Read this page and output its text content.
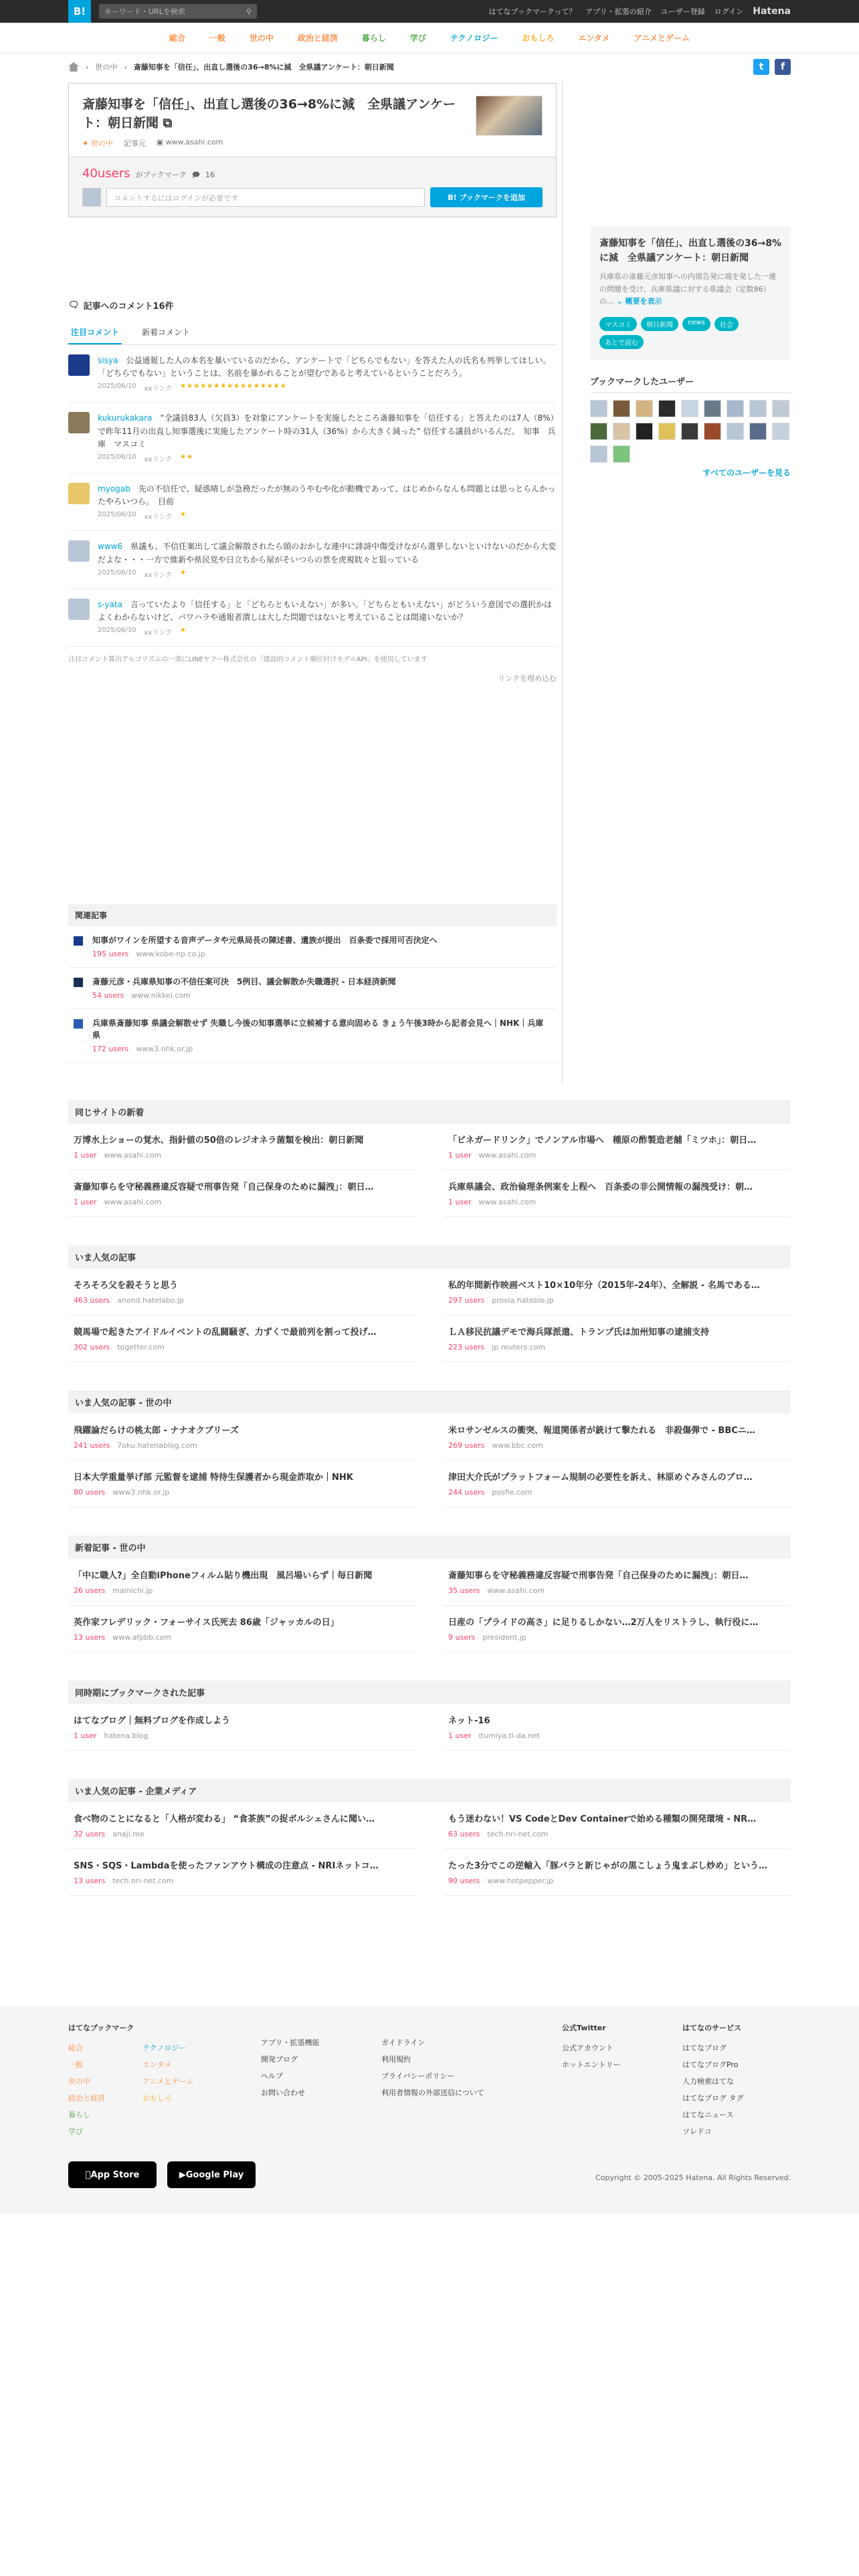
B!	キーワード・URLを検索	⚲	はてなブックマークって？ アプリ・拡張の紹介 ユーザー登録 ログイン Hatena
総合	一般	世の中	政治と経済	暮らし	学び	テクノロジー	おもしろ	エンタメ	アニメとゲーム
› 世の中 › 斎藤知事を「信任」、出直し選後の36→8%に減　全県議アンケート：朝日新聞	t	f
斎藤知事を「信任」、出直し選後の36→8%に減　全県議アンケート：朝日新聞 ⧉
⚫ 世の中 記事元 ▣ www.asahi.com
40users がブックマーク 🗩 16
コメントするにはログインが必要です	B! ブックマークを追加
🗨 記事へのコメント16件
注目コメント	新着コメント
sisya　 公益通報した人の本名を暴いているのだから、アンケートで「どちらでもない」を答えた人の氏名も列挙してほしい。「どちらでもない」ということは、名前を暴かれることが望むであると考えているということだろう。
2025/06/10 xxリンク ★★★★★★★★★★★★★★★★
kukurukakara　 “全議員83人（欠員3）を対象にアンケートを実施したところ斎藤知事を「信任する」と答えたのは7人（8%）で昨年11月の出直し知事選後に実施したアンケート時の31人（36%）から大きく減った” 信任する議員がいるんだ。　知事　兵庫　マスコミ
2025/06/10 xxリンク ★★
myogab　 先の不信任で、疑惑晴しが急務だったが無のうやむや化が動機であって、はじめからなんも問題とは思っとらんかったやろいつら。　目前
2025/06/10 xxリンク ★
www6　 県議も、不信任案出して議会解散されたら頭のおかしな連中に誹謗中傷受けながら選挙しないといけないのだから大変だよな・・・一方で維新や県民党や日立ちから屋がそいつらの票を虎視眈々と狙っている
2025/06/10 xxリンク ★
s-yata　 言っていたより「信任する」と「どちらともいえない」が多い。「どちらともいえない」がどういう意図での選択かはよくわからないけど、パワハラや通報者潰しは大した問題ではないと考えていることは間違いないか？
2025/06/10 xxリンク ★
注目コメント算出アルゴリズムの一部にLINEヤフー株式会社の「建設的コメント順位付けモデルAPI」を使用しています
リンクを埋め込む
関連記事
知事がワインを所望する音声データや元県局長の陳述書、遺族が提出　百条委で採用可否決定へ
195 users　 www.kobe-np.co.jp
斎藤元彦・兵庫県知事の不信任案可決　5例目、議会解散か失職選択 - 日本経済新聞
54 users　 www.nikkei.com
兵庫県斎藤知事 県議会解散せず 失職し今後の知事選挙に立候補する意向固める きょう午後3時から記者会見へ｜NHK｜兵庫県
172 users　 www3.nhk.or.jp
斎藤知事を「信任」、出直し選後の36→8%に減　全県議アンケート：朝日新聞
兵庫県の斎藤元彦知事への内部告発に端を発した一連の問題を受け、兵庫県議に対する県議会（定数86）の… ⌄ 概要を表示
マスコミ	朝日新聞	news	社会
あとで読む
ブックマークしたユーザー
すべてのユーザーを見る
同じサイトの新着
万博水上ショーの覚水、指針値の50倍のレジオネラ菌類を検出：朝日新聞
1 user　 www.asahi.com
「ビネガードリンク」でノンアル市場へ　種原の酢製造老舗「ミツホ」：朝日…
1 user　 www.asahi.com
斎藤知事らを守秘義務違反容疑で刑事告発「自己保身のために漏洩」：朝日…
1 user　 www.asahi.com
兵庫県議会、政治倫理条例案を上程へ　百条委の非公開情報の漏洩受け：朝…
1 user　 www.asahi.com
いま人気の記事
そろそろ父を殺そうと思う
463 users　 anond.hatelabo.jp
私的年間新作映画ベスト10×10年分（2015年-24年）、全解説 - 名馬である…
297 users　 proxia.hateblo.jp
競馬場で起きたアイドルイベントの乱闘騒ぎ、力ずくで最前列を割って投げ…
302 users　 togetter.com
ＬＡ移民抗議デモで海兵隊派遣、トランプ氏は加州知事の逮捕支持
223 users　 jp.reuters.com
いま人気の記事 - 世の中
飛躍論だらけの桃太郎 - ナナオクブリーズ
241 users　 7oku.hatenablog.com
米ロサンゼルスの衝突、報道関係者が銃けて撃たれる　非殺傷弾で - BBCニ…
269 users　 www.bbc.com
日本大学重量挙げ部 元監督を逮捕 特待生保護者から現金詐取か｜NHK
80 users　 www3.nhk.or.jp
津田大介氏がプラットフォーム規制の必要性を訴え、林原めぐみさんのブロ…
244 users　 posfie.com
新着記事 - 世の中
「中に職人?」全自動iPhoneフィルム貼り機出現　風呂場いらず｜毎日新聞
26 users　 mainichi.jp
斎藤知事らを守秘義務違反容疑で刑事告発「自己保身のために漏洩」：朝日…
35 users　 www.asahi.com
英作家フレデリック・フォーサイス氏死去 86歳「ジャッカルの日」
13 users　 www.afpbb.com
日産の「プライドの高さ」に足りるしかない…2万人をリストラし、執行役に…
9 users　 president.jp
同時期にブックマークされた記事
はてなブログ｜無料ブログを作成しよう
1 user　 hatena.blog
ネット-16
1 user　 itumiya.ti-da.net
いま人気の記事 - 企業メディア
食べ物のことになると「人格が変わる」 “食茶族”の捉ボルシェさんに聞い…
32 users　 anaji.me
もう迷わない！VS CodeとDev Containerで始める種類の開発環境 - NR…
63 users　 tech.nri-net.com
SNS・SQS・Lambdaを使ったファンアウト構成の注意点 - NRIネットコ…
13 users　 tech.nri-net.com
たった3分でこの逆輸入「豚バラと新じゃがの黒こしょう鬼まぶし炒め」という…
90 users　 www.hotpepper.jp
はてなブックマーク
総合
一般
世の中
政治と経済
暮らし
学び
テクノロジー
エンタメ
アニメとゲーム
おもしろ
アプリ・拡張機能
開発ブログ
ヘルプ
お問い合わせ
ガイドライン
利用規約
プライバシーポリシー
利用者情報の外部送信について
公式Twitter
公式アカウント
ホットエントリー
はてなのサービス
はてなブログ
はてなブログPro
人力検索はてな
はてなブログ タグ
はてなニュース
ソレドコ
App Store	▶ Google Play	Copyright © 2005-2025 Hatena. All Rights Reserved.
